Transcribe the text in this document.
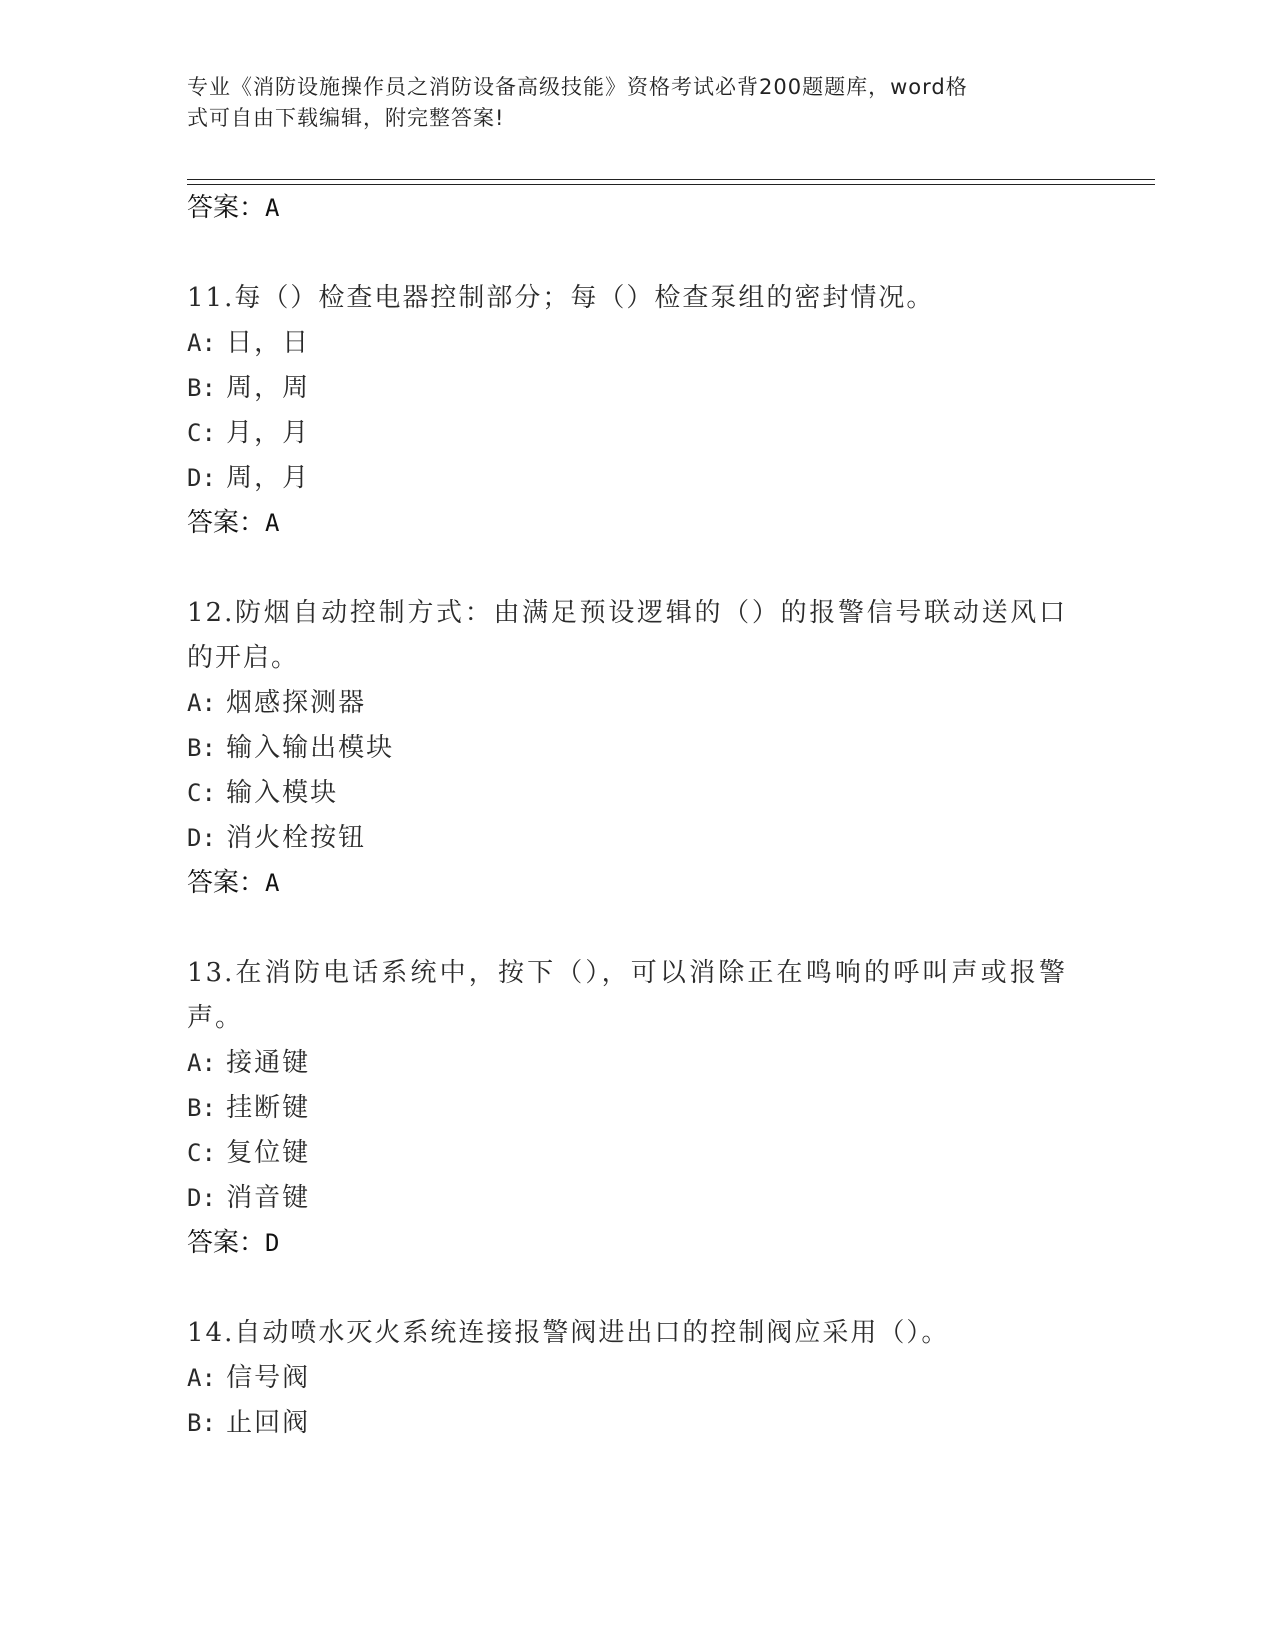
专业《消防设施操作员之消防设备高级技能》资格考试必背200题题库，word格
式可自由下载编辑，附完整答案!
答案：A
11.每（）检查电器控制部分；每（）检查泵组的密封情况。
A: 日，日
B: 周，周
C: 月，月
D: 周，月
答案：A
12.防烟自动控制方式：由满足预设逻辑的（）的报警信号联动送风口的开启。
A: 烟感探测器
B: 输入输出模块
C: 输入模块
D: 消火栓按钮
答案：A
13.在消防电话系统中，按下（），可以消除正在鸣响的呼叫声或报警声。
A: 接通键
B: 挂断键
C: 复位键
D: 消音键
答案：D
14.自动喷水灭火系统连接报警阀进出口的控制阀应采用（）。
A: 信号阀
B: 止回阀
